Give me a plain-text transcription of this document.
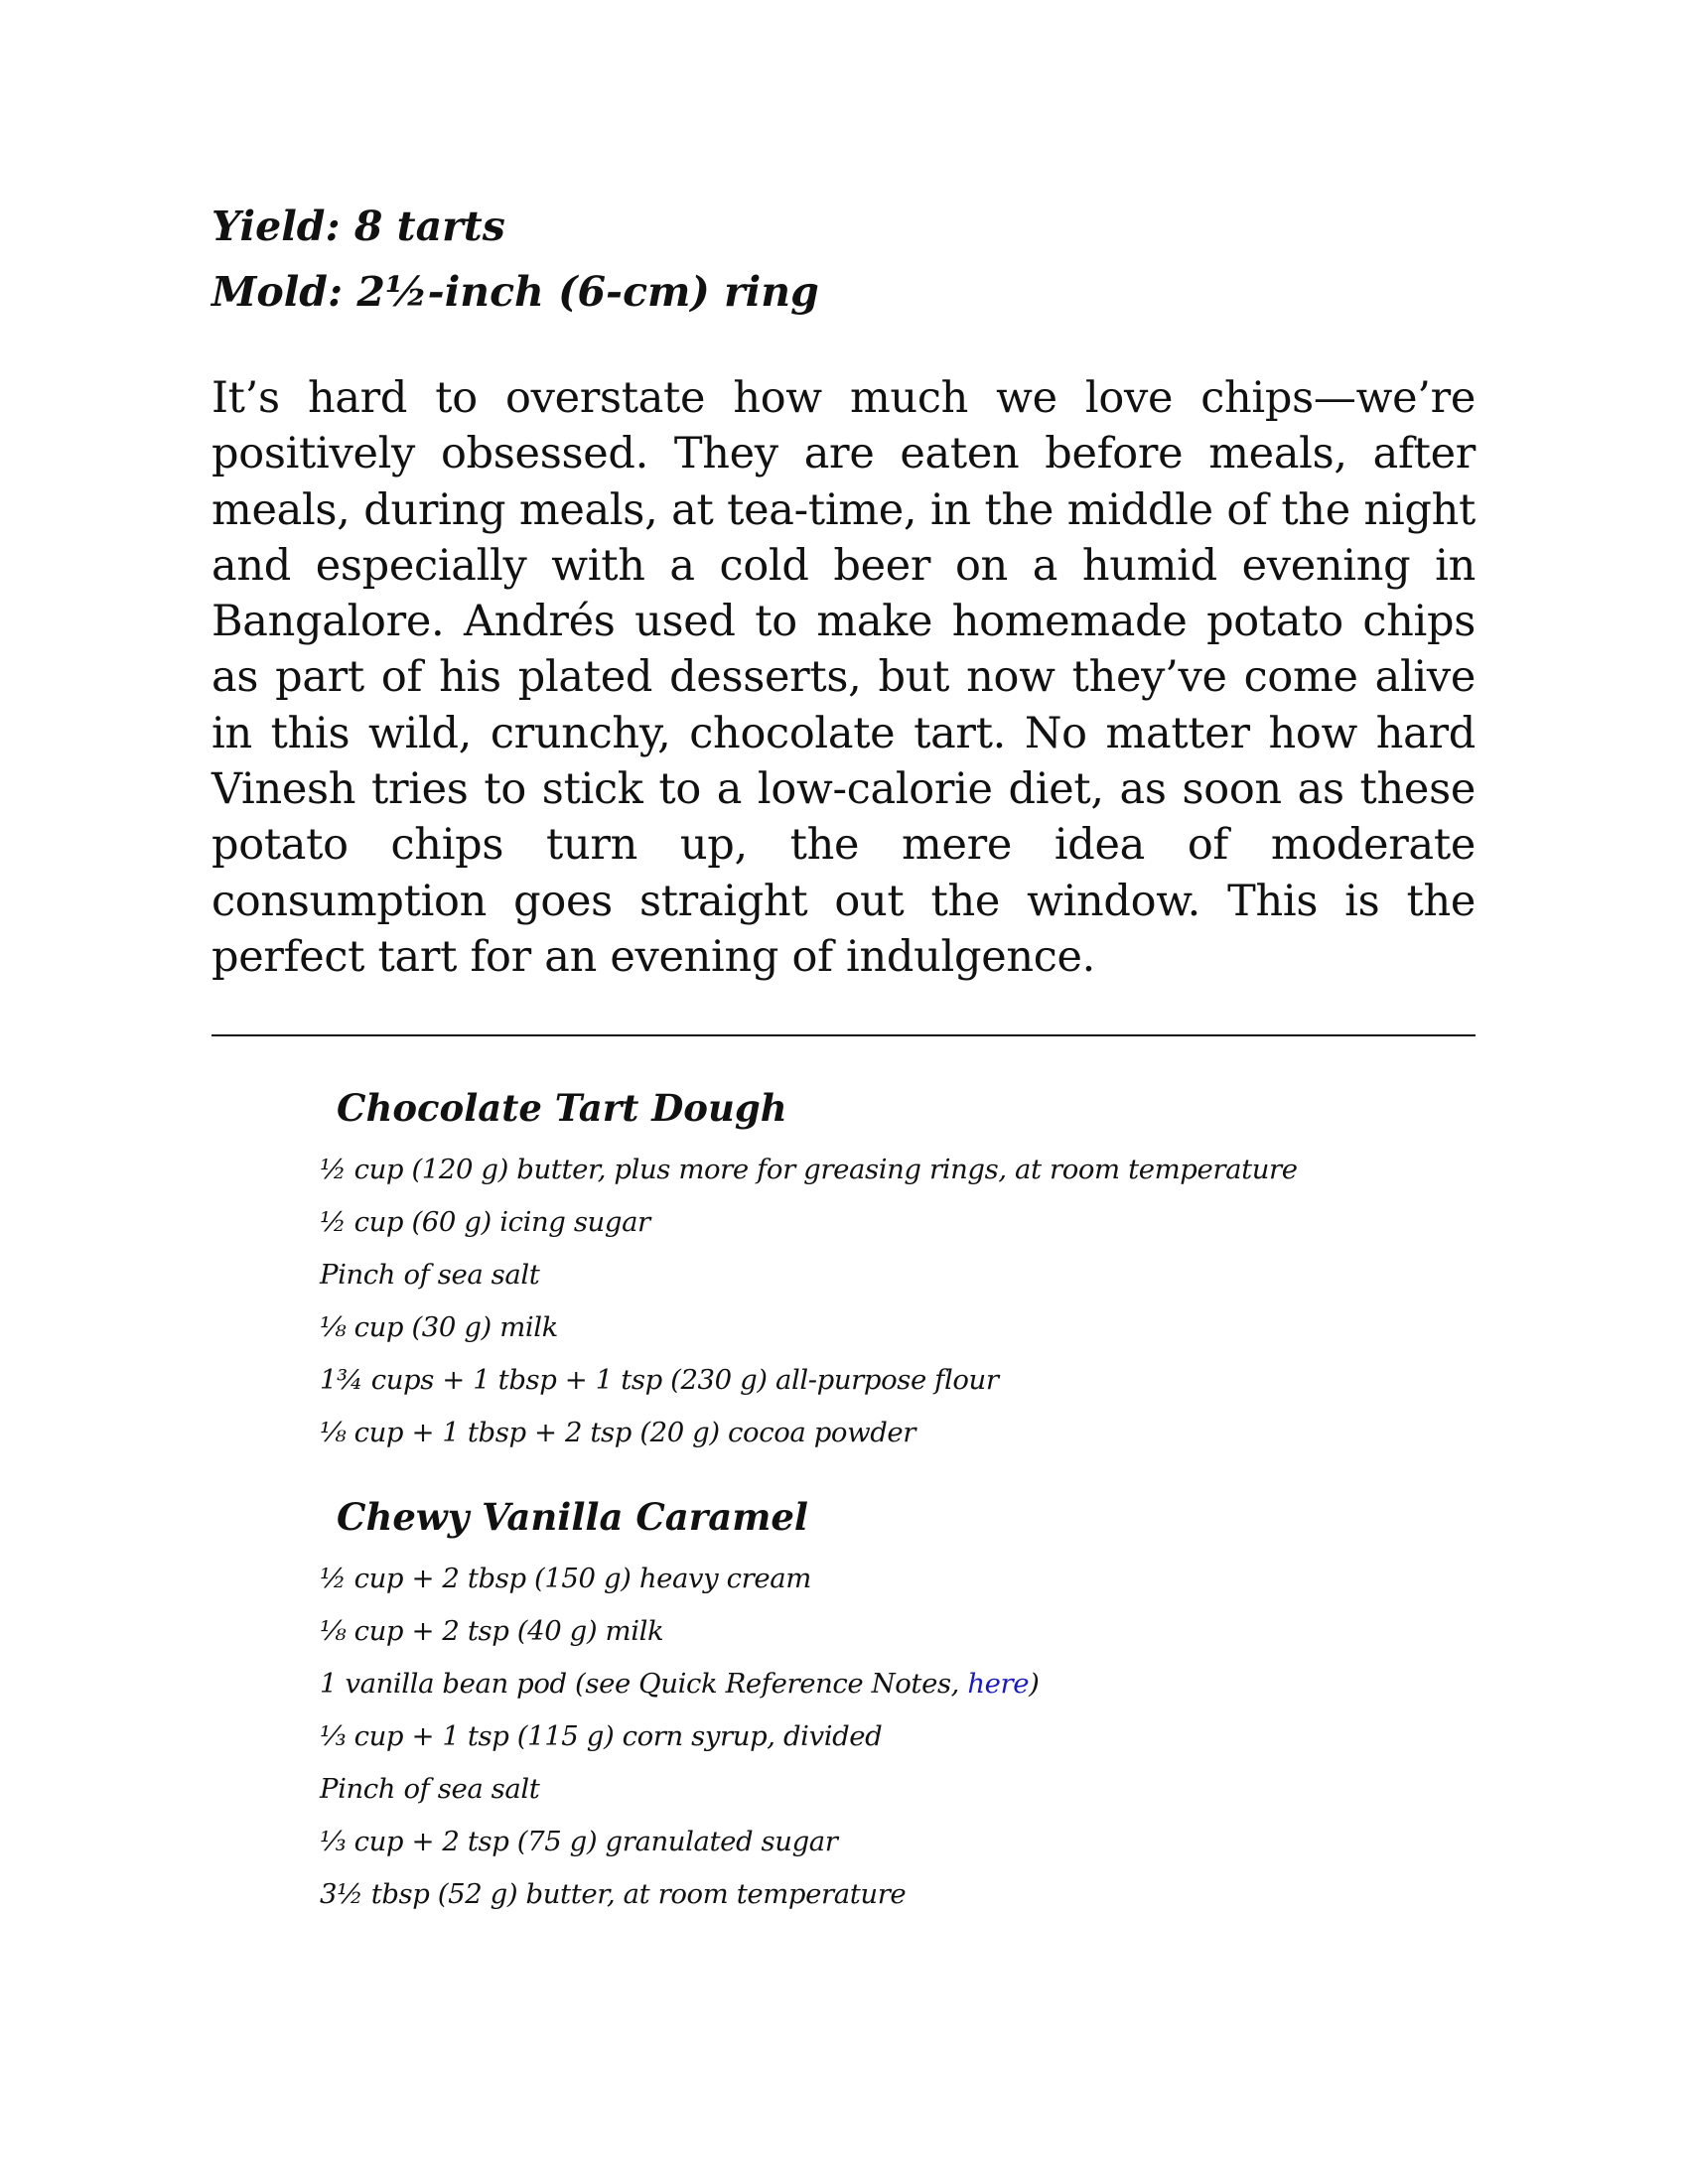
Yield: 8 tarts

Mold: 2½-inch (6-cm) ring

It’s hard to overstate how much we love chips—we’re positively obsessed. They are eaten before meals, after meals, during meals, at tea-time, in the middle of the night and especially with a cold beer on a humid evening in Bangalore. Andrés used to make homemade potato chips as part of his plated desserts, but now they’ve come alive in this wild, crunchy, chocolate tart. No matter how hard Vinesh tries to stick to a low-calorie diet, as soon as these potato chips turn up, the mere idea of moderate consumption goes straight out the window. This is the perfect tart for an evening of indulgence.

Chocolate Tart Dough

½ cup (120 g) butter, plus more for greasing rings, at room temperature

½ cup (60 g) icing sugar

Pinch of sea salt

⅛ cup (30 g) milk

1¾ cups + 1 tbsp + 1 tsp (230 g) all-purpose flour

⅛ cup + 1 tbsp + 2 tsp (20 g) cocoa powder

Chewy Vanilla Caramel

½ cup + 2 tbsp (150 g) heavy cream

⅛ cup + 2 tsp (40 g) milk

1 vanilla bean pod (see Quick Reference Notes, here)

⅓ cup + 1 tsp (115 g) corn syrup, divided

Pinch of sea salt

⅓ cup + 2 tsp (75 g) granulated sugar

3½ tbsp (52 g) butter, at room temperature
